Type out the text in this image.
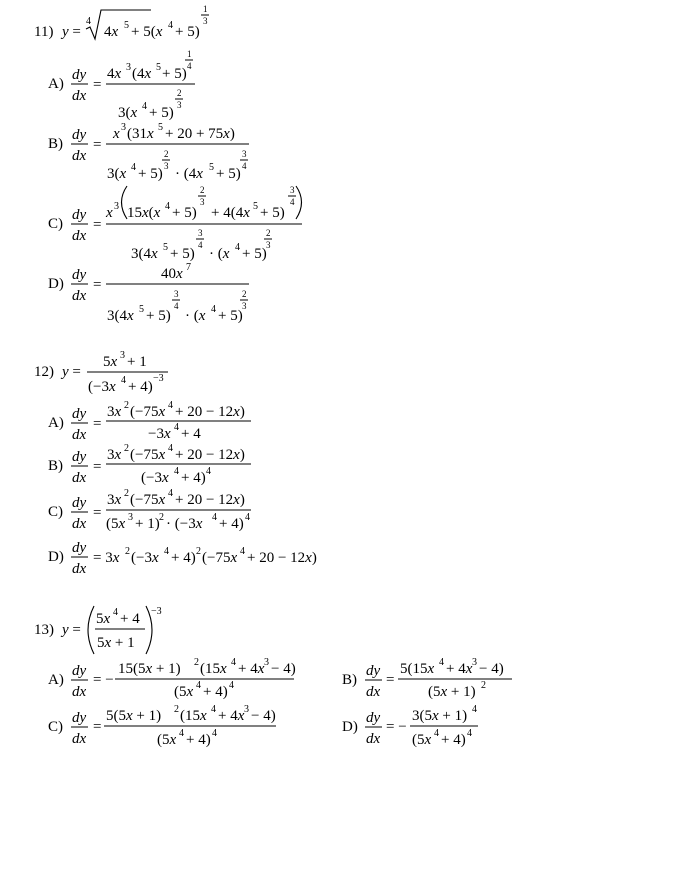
11) y =
4
4x 5 + 5(x 4 + 5)
1
3
A)
dy
dx
=
4x 3 (4x 5 + 5)
1
4
3(x 4 + 5)
2
3
B)
dy
dx
=
x 3 (31x 5 + 20 + 75x)
3(x 4 + 5)
2
3 · (4x 5 + 5)
3
4
C)
dy
dx
=
x 3 15x(x 4 + 5)
2
3
+ 4(4x 5 + 5)
3
4
3(4x 5 + 5)
3
4
· (x 4 + 5)
2
3
D)
dy
dx
=
40x 7
3(4x 5 + 5)
3
4
· (x 4 + 5)
2
3
12) y =
5x 3 + 1
(−3x 4 + 4)
−3
A)
dy
dx
=
3x 2 (−75x 4 + 20 − 12x)
−3x 4 + 4
B)
dy
dx
=
3x 2 (−75x 4 + 20 − 12x)
(−3x 4 + 4) 4
C)
dy
dx
=
3x 2 (−75x 4 + 20 − 12x)
(5x 3 + 1) 2 · (−3x 4 + 4) 4
D)
dy
dx
= 3x 2 (−3x 4 + 4) 2 (−75x 4 + 20 − 12x)
13) y =
5x 4 + 4
5x + 1
−3
A)
dy
dx
= −
15(5x + 1) 2 (15x 4 + 4x 3 − 4)
(5x 4 + 4) 4	B)
dy
dx
=
5(15x 4 + 4x 3 − 4)
(5x + 1) 2
C)
dy
dx
=
5(5x + 1) 2 (15x 4 + 4x 3 − 4)
(5x 4 + 4) 4	D)
dy
dx
= −
3(5x + 1) 4
(5x 4 + 4) 4
